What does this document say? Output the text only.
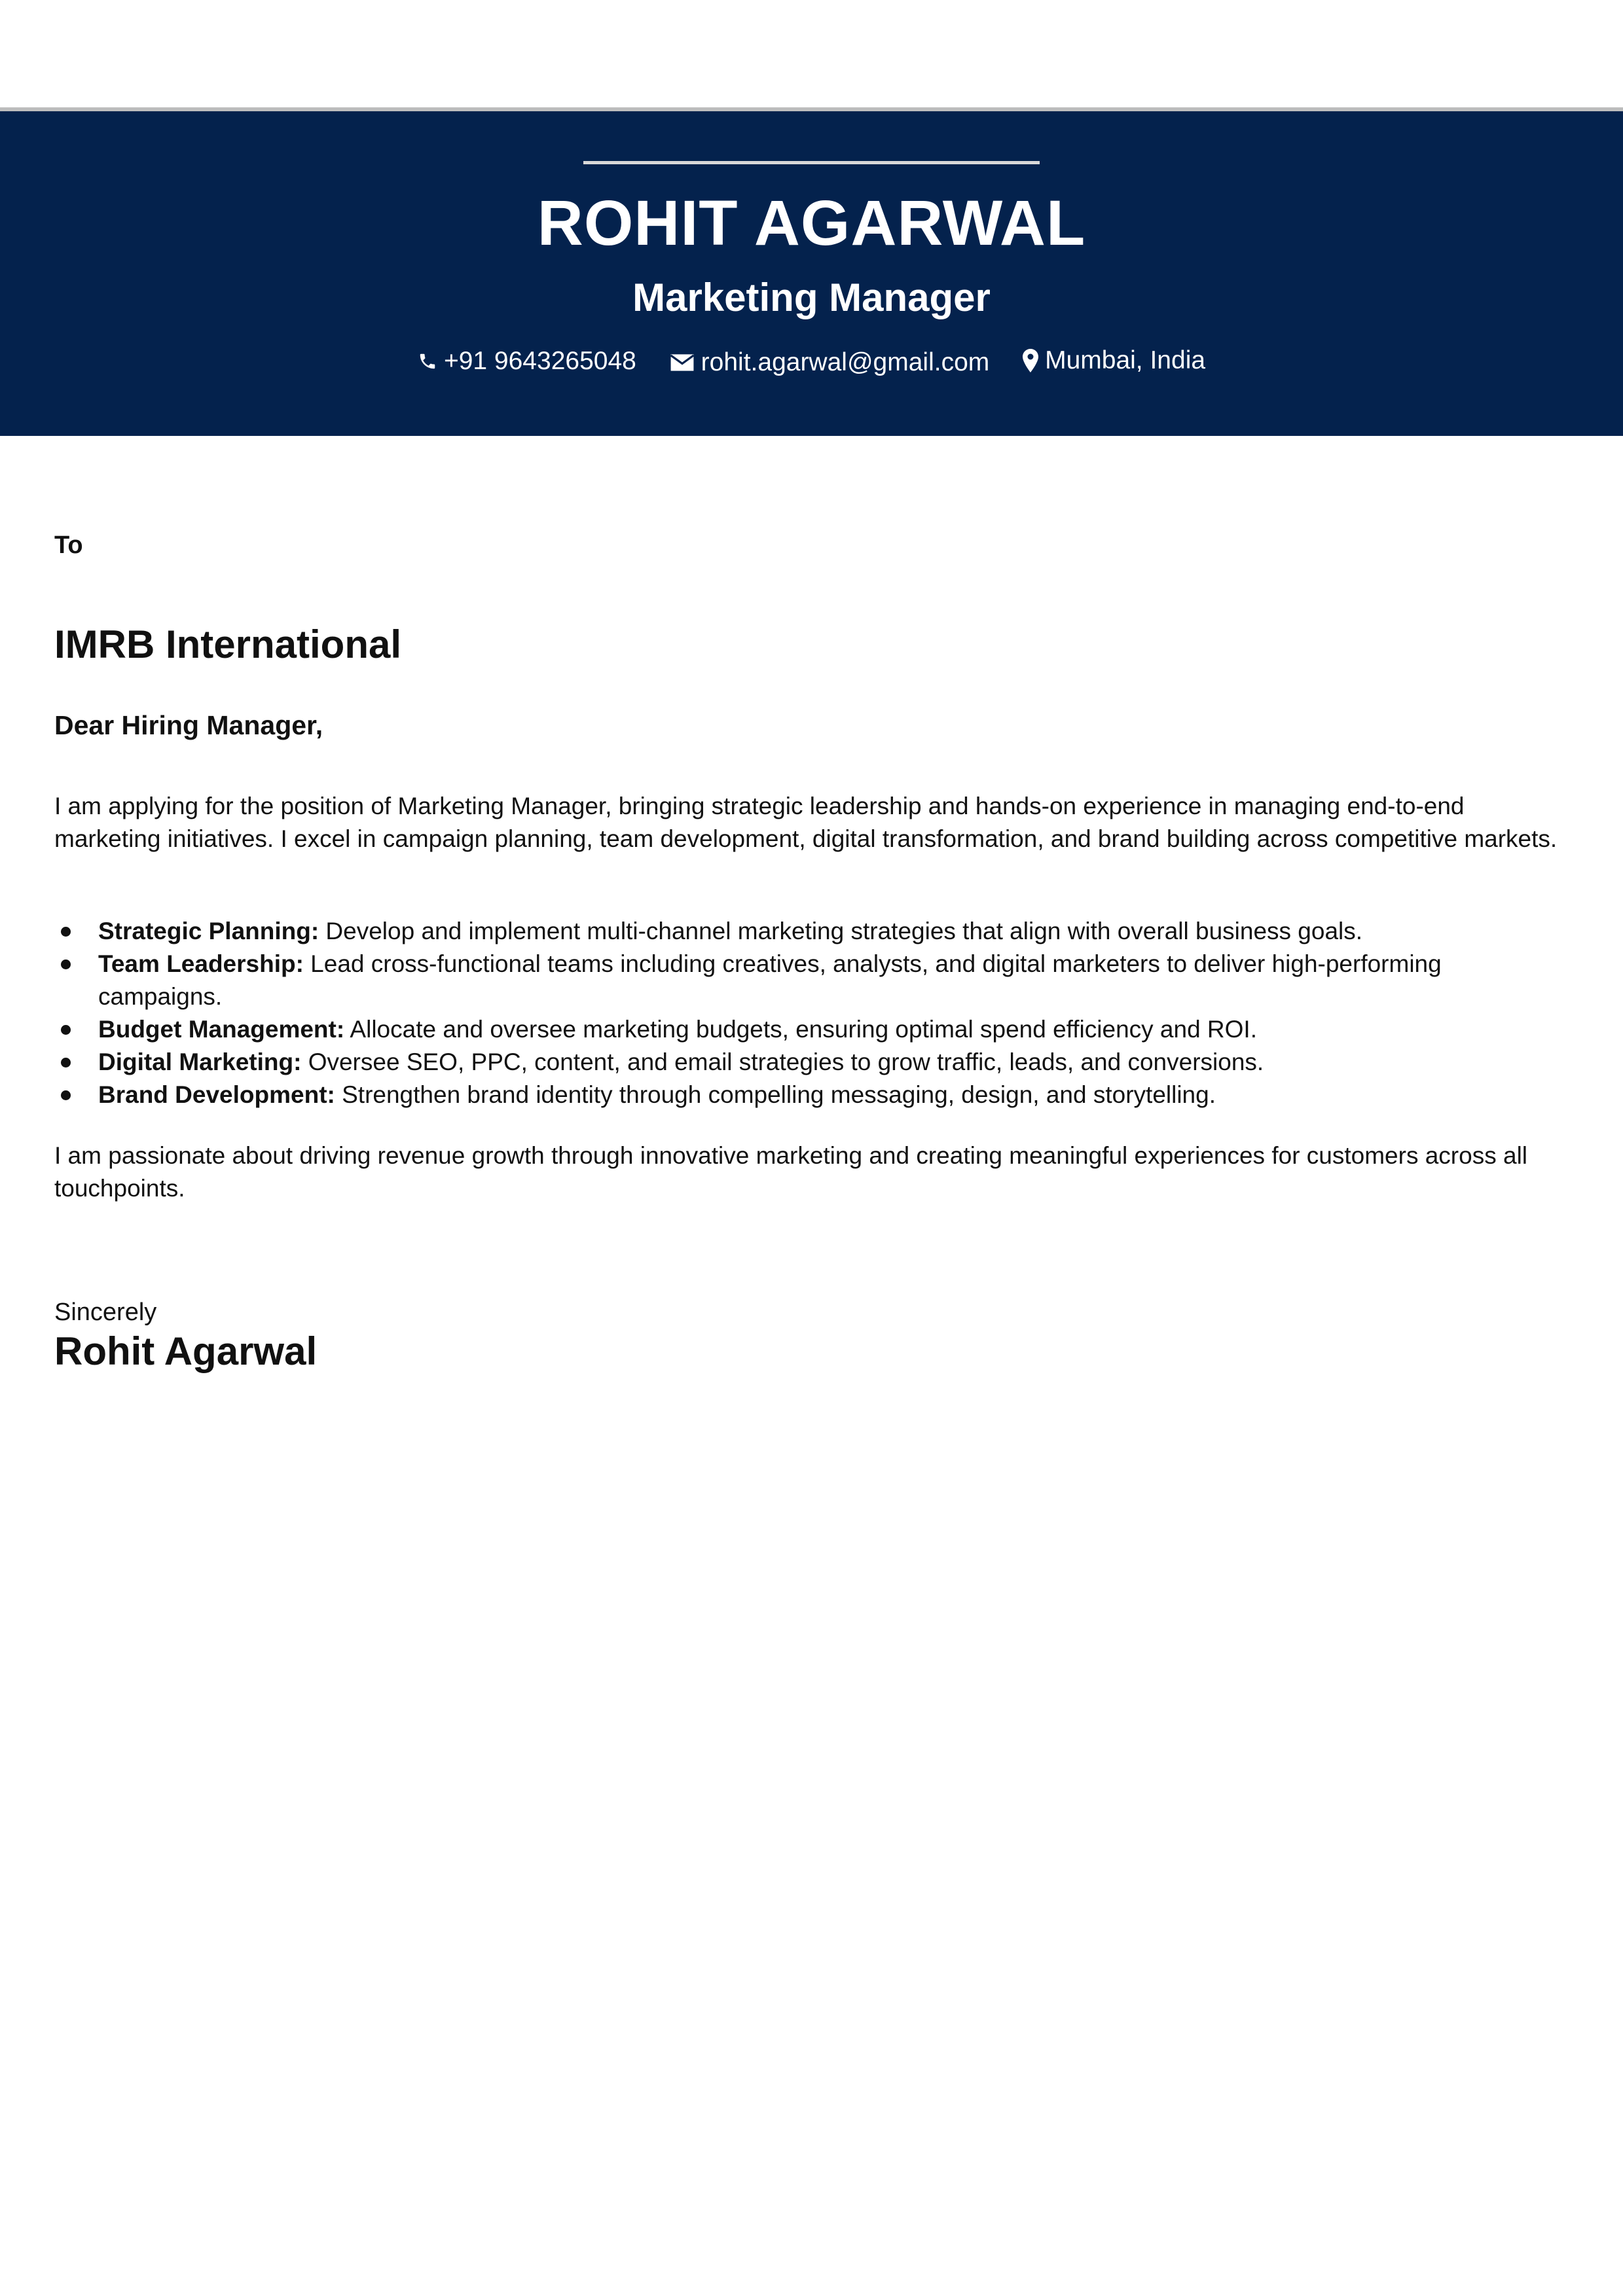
ROHIT AGARWAL
Marketing Manager
+91 9643265048
	rohit.agarwal@gmail.com
Mumbai, India
To
IMRB International
Dear Hiring Manager,

I am applying for the position of Marketing Manager, bringing strategic leadership and hands-on experience in managing end-to-end marketing initiatives. I excel in campaign planning, team development, digital transformation, and brand building across competitive markets.

Strategic Planning: Develop and implement multi-channel marketing strategies that align with overall business goals.
Team Leadership: Lead cross-functional teams including creatives, analysts, and digital marketers to deliver high-performing campaigns.
Budget Management: Allocate and oversee marketing budgets, ensuring optimal spend efficiency and ROI.
Digital Marketing: Oversee SEO, PPC, content, and email strategies to grow traffic, leads, and conversions.
Brand Development: Strengthen brand identity through compelling messaging, design, and storytelling.

I am passionate about driving revenue growth through innovative marketing and creating meaningful experiences for customers across all touchpoints.

Sincerely
Rohit Agarwal
